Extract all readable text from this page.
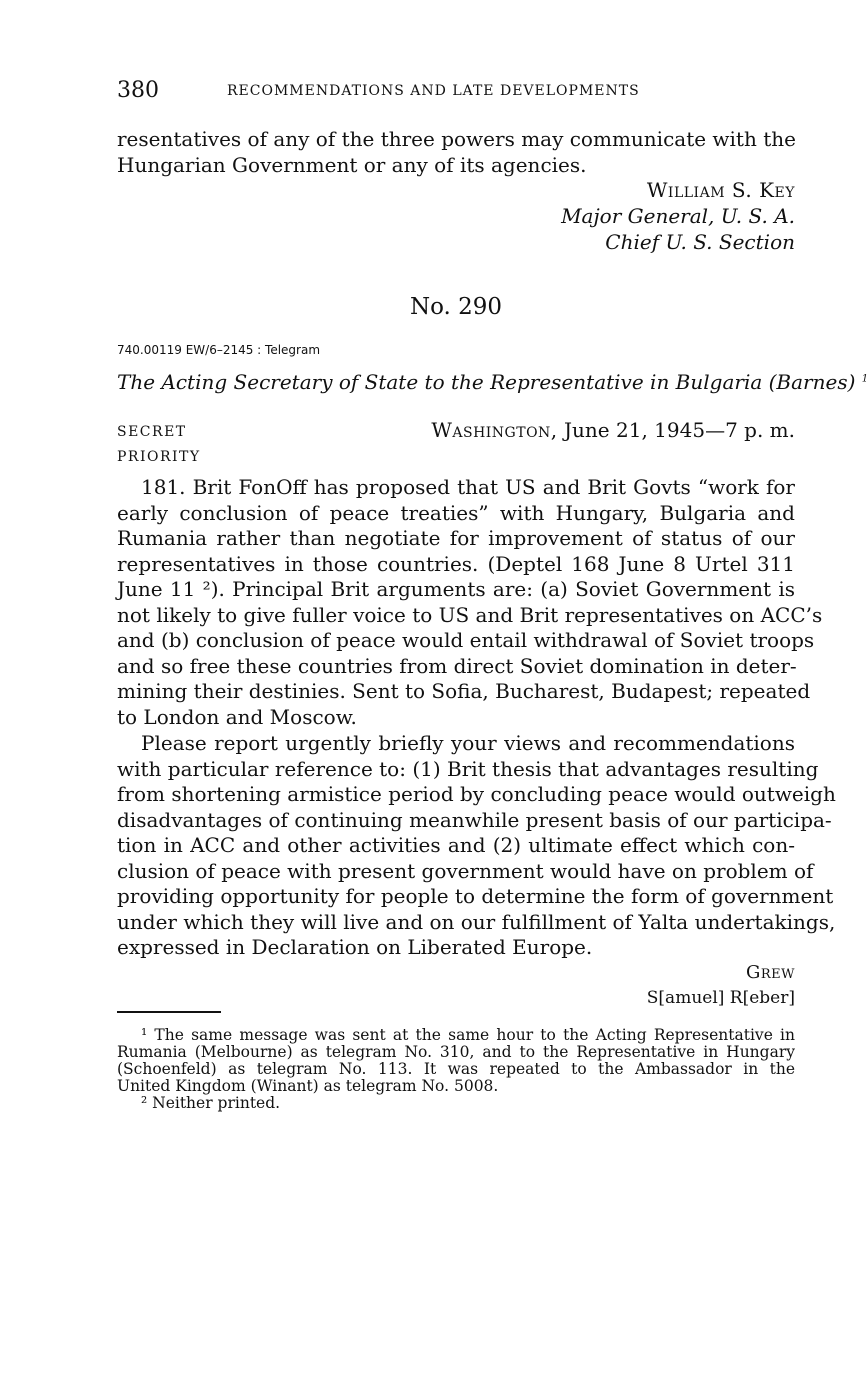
380	RECOMMENDATIONS AND LATE DEVELOPMENTS
resentatives of any of the three powers may communicate with the
Hungarian Government or any of its agencies.
William S. Key
Major General, U. S. A.
Chief U. S. Section
No. 290
740.00119 EW/6–2145 : Telegram
The Acting Secretary of State to the Representative in Bulgaria (Barnes) $^1$
SECRET
PRIORITY
Washington, June 21, 1945—7 p. m.
181. Brit FonOff has proposed that US and Brit Govts “work for
early conclusion of peace treaties” with Hungary, Bulgaria and
Rumania rather than negotiate for improvement of status of our
representatives in those countries. (Deptel 168 June 8 Urtel 311
June 11 ²). Principal Brit arguments are: (a) Soviet Government is
not likely to give fuller voice to US and Brit representatives on ACC’s
and (b) conclusion of peace would entail withdrawal of Soviet troops
and so free these countries from direct Soviet domination in deter-
mining their destinies. Sent to Sofia, Bucharest, Budapest; repeated
to London and Moscow.
Please report urgently briefly your views and recommendations
with particular reference to: (1) Brit thesis that advantages resulting
from shortening armistice period by concluding peace would outweigh
disadvantages of continuing meanwhile present basis of our participa-
tion in ACC and other activities and (2) ultimate effect which con-
clusion of peace with present government would have on problem of
providing opportunity for people to determine the form of government
under which they will live and on our fulfillment of Yalta undertakings,
expressed in Declaration on Liberated Europe.
Grew
S[amuel] R[eber]
¹ The same message was sent at the same hour to the Acting Representative in
Rumania (Melbourne) as telegram No. 310, and to the Representative in Hungary
(Schoenfeld) as telegram No. 113. It was repeated to the Ambassador in the
United Kingdom (Winant) as telegram No. 5008.
² Neither printed.
